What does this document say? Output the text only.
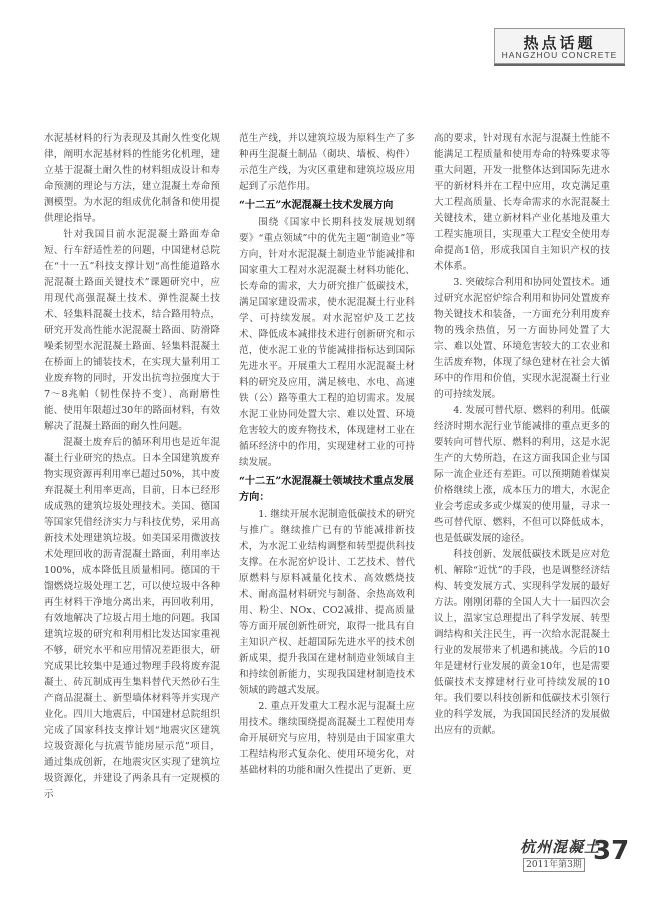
热点话题
HANGZHOU CONCRETE

水泥基材料的行为表现及其耐久性变化规律，阐明水泥基材料的性能劣化机理，建立基于混凝土耐久性的材料组成设计和寿命预测的理论与方法，建立混凝土寿命预测模型。为水泥的组成优化制备和使用提供理论指导。

针对我国目前水泥混凝土路面寿命短、行车舒适性差的问题，中国建材总院在“十一五”科技支撑计划“高性能道路水泥混凝土路面关键技术”课题研究中，应用现代高强混凝土技术、弹性混凝土技术、轻集料混凝土技术，结合路用特点，研究开发高性能水泥混凝土路面、防滑降噪柔韧型水泥混凝土路面、轻集料混凝土在桥面上的铺装技术，在实现大量利用工业废弃物的同时，开发出抗弯拉强度大于7～8兆帕（韧性保持不变）、高耐磨性能、使用年限超过30年的路面材料，有效解决了混凝土路面的耐久性问题。

混凝土废弃后的循环利用也是近年混凝土行业研究的热点。日本全国建筑废弃物实现资源再利用率已超过50%，其中废弃混凝土利用率更高，目前，日本已经形成成熟的建筑垃圾处理技术。美国、德国等国家凭借经济实力与科技优势，采用高新技术处理建筑垃圾。如美国采用微波技术处理回收的沥青混凝土路面，利用率达100%，成本降低且质量相同。德国的干馏燃烧垃圾处理工艺，可以使垃圾中各种再生材料干净地分离出来，再回收利用，有效地解决了垃圾占用土地的问题。我国建筑垃圾的研究和利用相比发达国家重视不够，研究水平和应用情况差距很大，研究成果比较集中是通过物理手段将废弃混凝土、砖瓦制成再生集料替代天然砂石生产商品混凝土、新型墙体材料等并实现产业化。四川大地震后，中国建材总院组织完成了国家科技支撑计划“地震灾区建筑垃圾资源化与抗震节能房屋示范”项目，通过集成创新，在地震灾区实现了建筑垃圾资源化，并建设了两条具有一定规模的示

范生产线，并以建筑垃圾为原料生产了多种再生混凝土制品（砌块、墙板、构件）示范生产线，为灾区重建和建筑垃圾应用起到了示范作用。

“十二五”水泥混凝土技术发展方向

围绕《国家中长期科技发展规划纲要》“重点领域”中的优先主题“制造业”等方向，针对水泥混凝土制造业节能减排和国家重大工程对水泥混凝土材料功能化、长寿命的需求，大力研究推广低碳技术，满足国家建设需求，使水泥混凝土行业科学、可持续发展。对水泥窑炉及工艺技术、降低成本减排技术进行创新研究和示范，使水泥工业的节能减排指标达到国际先进水平。开展重大工程用水泥混凝土材料的研究及应用，满足核电、水电、高速铁（公）路等重大工程的迫切需求。发展水泥工业协同处置大宗、难以处置、环境危害较大的废弃物技术，体现建材工业在循环经济中的作用，实现建材工业的可持续发展。

“十二五”水泥混凝土领域技术重点发展方向：

1. 继续开展水泥制造低碳技术的研究与推广。继续推广已有的节能减排新技术，为水泥工业结构调整和转型提供科技支撑。在水泥窑炉设计、工艺技术、替代原燃料与原料减量化技术、高效燃烧技术、耐高温材料研究与制备、余热高效利用、粉尘、NOx、CO2减排、提高质量等方面开展创新性研究，取得一批具有自主知识产权、赶超国际先进水平的技术创新成果，提升我国在建材制造业领域自主和持续创新能力，实现我国建材制造技术领域的跨越式发展。

2. 重点开发重大工程水泥与混凝土应用技术。继续围绕提高混凝土工程使用寿命开展研究与应用，特别是由于国家重大工程结构形式复杂化、使用环境劣化，对基础材料的功能和耐久性提出了更新、更

高的要求，针对现有水泥与混凝土性能不能满足工程质量和使用寿命的特殊要求等重大问题，开发一批整体达到国际先进水平的新材料并在工程中应用，攻克满足重大工程高质量、长寿命需求的水泥混凝土关键技术，建立新材料产业化基地及重大工程实施项目，实现重大工程安全使用寿命提高1倍，形成我国自主知识产权的技术体系。

3. 突破综合利用和协同处置技术。通过研究水泥窑炉综合利用和协同处置废弃物关键技术和装备，一方面充分利用废弃物的残余热值，另一方面协同处置了大宗、难以处置、环境危害较大的工农业和生活废弃物，体现了绿色建材在社会大循环中的作用和价值，实现水泥混凝土行业的可持续发展。

4. 发展可替代原、燃料的利用。低碳经济时期水泥行业节能减排的重点更多的要转向可替代原、燃料的利用，这是水泥生产的大势所趋，在这方面我国企业与国际一流企业还有差距。可以预期随着煤炭价格继续上涨，成本压力的增大，水泥企业会考虑或多或少煤炭的使用量，寻求一些可替代原、燃料，不但可以降低成本，也是低碳发展的途径。

科技创新、发展低碳技术既是应对危机、解除“近忧”的手段，也是调整经济结构、转变发展方式、实现科学发展的最好方法。刚刚闭幕的全国人大十一届四次会议上，温家宝总理提出了科学发展、转型调结构和关注民生，再一次给水泥混凝土行业的发展带来了机遇和挑战。今后的10年是建材行业发展的黄金10年，也是需要低碳技术支撑建材行业可持续发展的10年。我们要以科技创新和低碳技术引领行业的科学发展，为我国国民经济的发展做出应有的贡献。

杭州混凝土
2011年第3期 37
